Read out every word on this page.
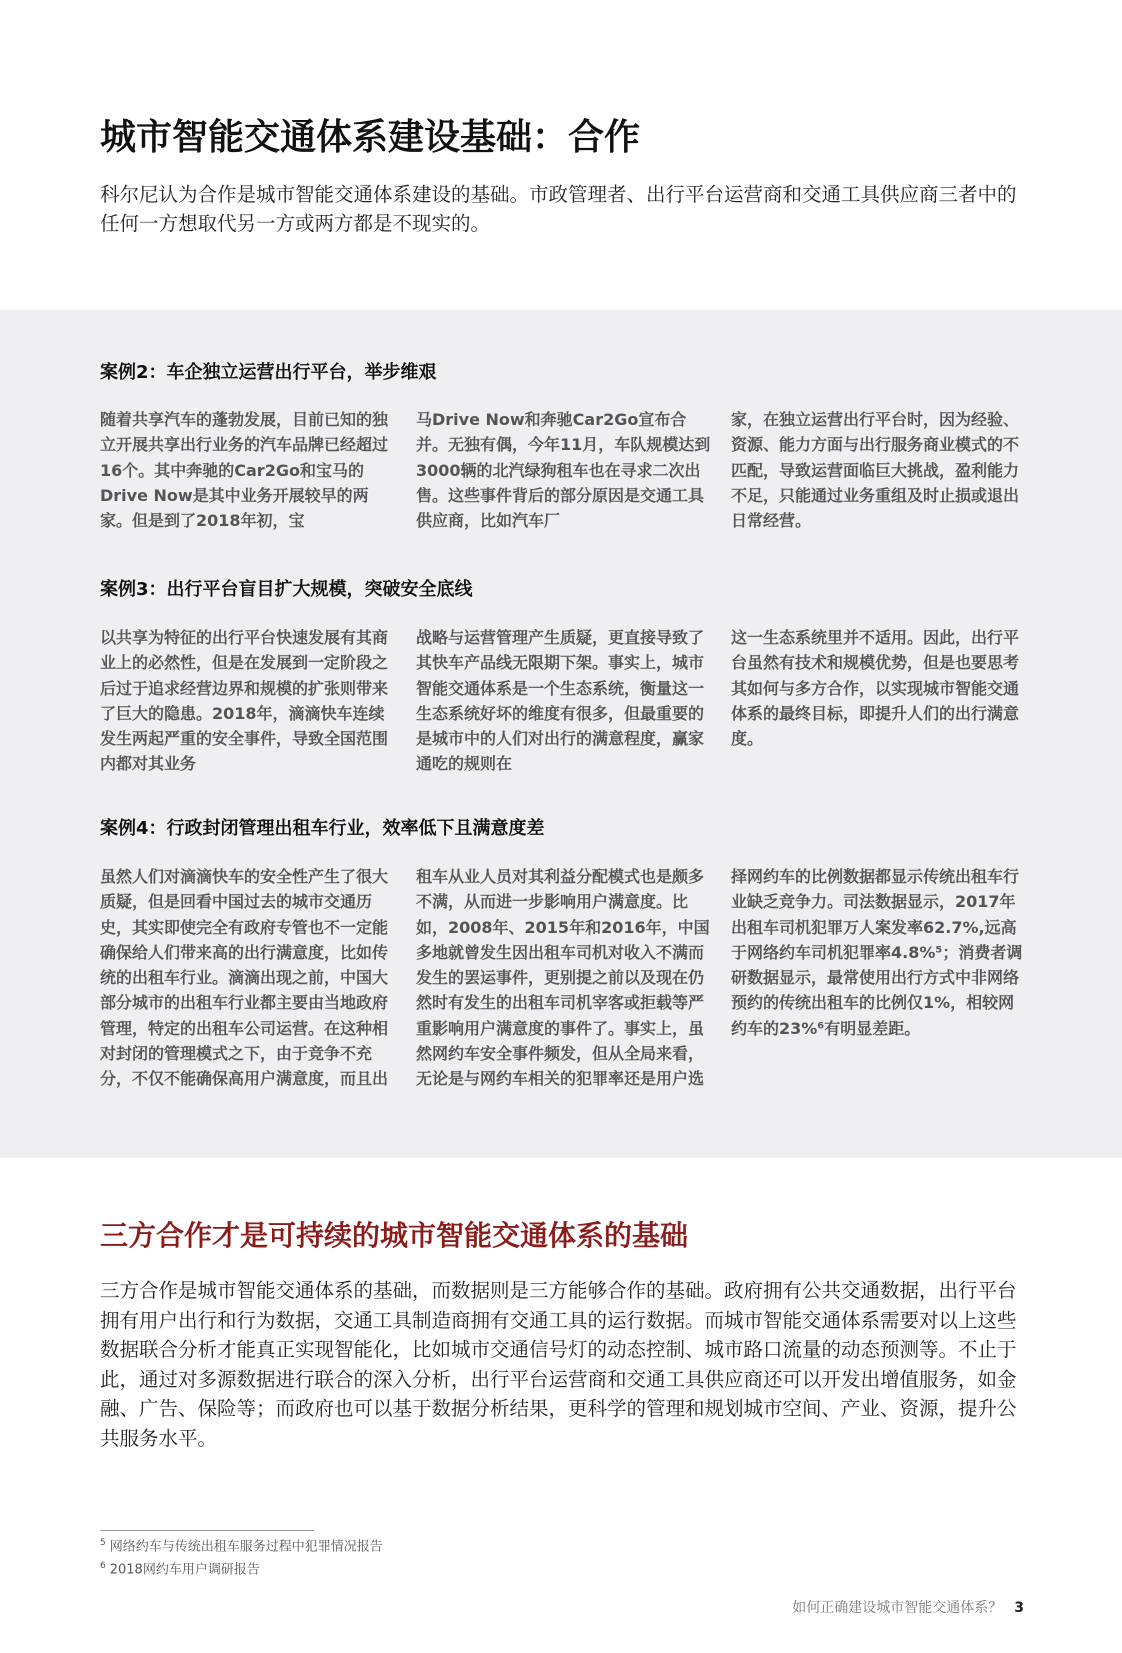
城市智能交通体系建设基础：合作

科尔尼认为合作是城市智能交通体系建设的基础。市政管理者、出行平台运营商和交通工具供应商三者中的任何一方想取代另一方或两方都是不现实的。

案例2：车企独立运营出行平台，举步维艰

随着共享汽车的蓬勃发展，目前已知的独立开展共享出行业务的汽车品牌已经超过16个。其中奔驰的Car2Go和宝马的Drive Now是其中业务开展较早的两家。但是到了2018年初，宝

马Drive Now和奔驰Car2Go宣布合并。无独有偶，今年11月，车队规模达到3000辆的北汽绿狗租车也在寻求二次出售。这些事件背后的部分原因是交通工具供应商，比如汽车厂

家，在独立运营出行平台时，因为经验、资源、能力方面与出行服务商业模式的不匹配，导致运营面临巨大挑战，盈利能力不足，只能通过业务重组及时止损或退出日常经营。

案例3：出行平台盲目扩大规模，突破安全底线

以共享为特征的出行平台快速发展有其商业上的必然性，但是在发展到一定阶段之后过于追求经营边界和规模的扩张则带来了巨大的隐患。2018年，滴滴快车连续发生两起严重的安全事件，导致全国范围内都对其业务

战略与运营管理产生质疑，更直接导致了其快车产品线无限期下架。事实上，城市智能交通体系是一个生态系统，衡量这一生态系统好坏的维度有很多，但最重要的是城市中的人们对出行的满意程度，赢家通吃的规则在

这一生态系统里并不适用。因此，出行平台虽然有技术和规模优势，但是也要思考其如何与多方合作，以实现城市智能交通体系的最终目标，即提升人们的出行满意度。

案例4：行政封闭管理出租车行业，效率低下且满意度差

虽然人们对滴滴快车的安全性产生了很大质疑，但是回看中国过去的城市交通历史，其实即使完全有政府专管也不一定能确保给人们带来高的出行满意度，比如传统的出租车行业。滴滴出现之前，中国大部分城市的出租车行业都主要由当地政府管理，特定的出租车公司运营。在这种相对封闭的管理模式之下，由于竞争不充分，不仅不能确保高用户满意度，而且出

租车从业人员对其利益分配模式也是颇多不满，从而进一步影响用户满意度。比如，2008年、2015年和2016年，中国多地就曾发生因出租车司机对收入不满而发生的罢运事件，更别提之前以及现在仍然时有发生的出租车司机宰客或拒载等严重影响用户满意度的事件了。事实上，虽然网约车安全事件频发，但从全局来看，无论是与网约车相关的犯罪率还是用户选

择网约车的比例数据都显示传统出租车行业缺乏竞争力。司法数据显示，2017年出租车司机犯罪万人案发率62.7%,远高于网络约车司机犯罪率4.8%⁵；消费者调研数据显示，最常使用出行方式中非网络预约的传统出租车的比例仅1%，相较网约车的23%⁶有明显差距。

三方合作才是可持续的城市智能交通体系的基础

三方合作是城市智能交通体系的基础，而数据则是三方能够合作的基础。政府拥有公共交通数据，出行平台拥有用户出行和行为数据，交通工具制造商拥有交通工具的运行数据。而城市智能交通体系需要对以上这些数据联合分析才能真正实现智能化，比如城市交通信号灯的动态控制、城市路口流量的动态预测等。不止于此，通过对多源数据进行联合的深入分析，出行平台运营商和交通工具供应商还可以开发出增值服务，如金融、广告、保险等；而政府也可以基于数据分析结果，更科学的管理和规划城市空间、产业、资源，提升公共服务水平。

$^5$ 网络约车与传统出租车服务过程中犯罪情况报告
$^6$ 2018网约车用户调研报告
如何正确建设城市智能交通体系？ 3
